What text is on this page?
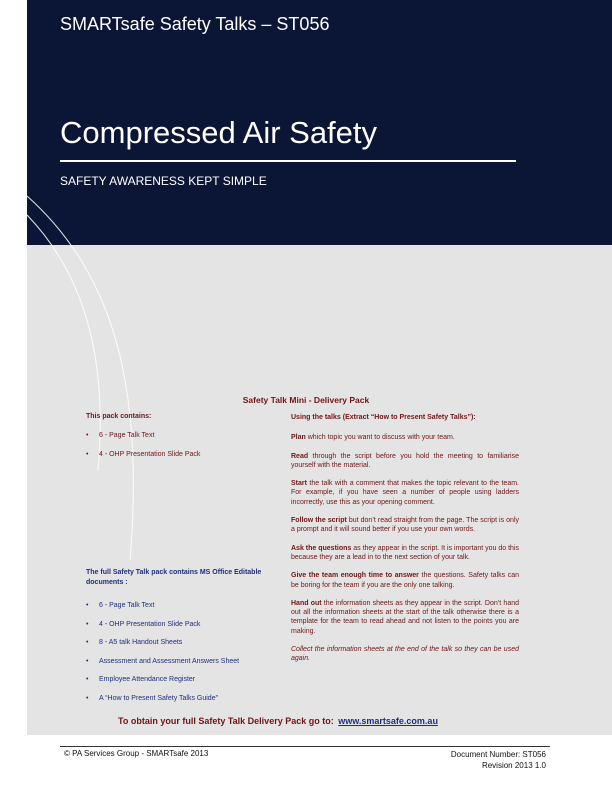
SMARTsafe Safety Talks – ST056
Compressed Air Safety
SAFETY AWARENESS KEPT SIMPLE
Safety Talk Mini - Delivery Pack
This pack contains:
• 6 - Page Talk Text
• 4 - OHP Presentation Slide Pack
The full Safety Talk pack contains MS Office Editable documents :
• 6 - Page Talk Text
• 4 - OHP Presentation Slide Pack
• 8 - A5 talk Handout Sheets
• Assessment and Assessment Answers Sheet
• Employee Attendance Register
• A “How to Present Safety Talks Guide”

Using the talks (Extract “How to Present Safety Talks”):

Plan which topic you want to discuss with your team.

Read through the script before you hold the meeting to familiarise yourself with the material.

Start the talk with a comment that makes the topic relevant to the team. For example, if you have seen a number of people using ladders incorrectly, use this as your opening comment.

Follow the script but don’t read straight from the page. The script is only a prompt and it will sound better if you use your own words.

Ask the questions as they appear in the script. It is important you do this because they are a lead in to the next section of your talk.

Give the team enough time to answer the questions. Safety talks can be boring for the team if you are the only one talking.

Hand out the information sheets as they appear in the script. Don’t hand out all the information sheets at the start of the talk otherwise there is a template for the team to read ahead and not listen to the points you are making.

Collect the information sheets at the end of the talk so they can be used again.

To obtain your full Safety Talk Delivery Pack go to: www.smartsafe.com.au
© PA Services Group - SMARTsafe 2013	Document Number: ST056
Revision 2013 1.0
